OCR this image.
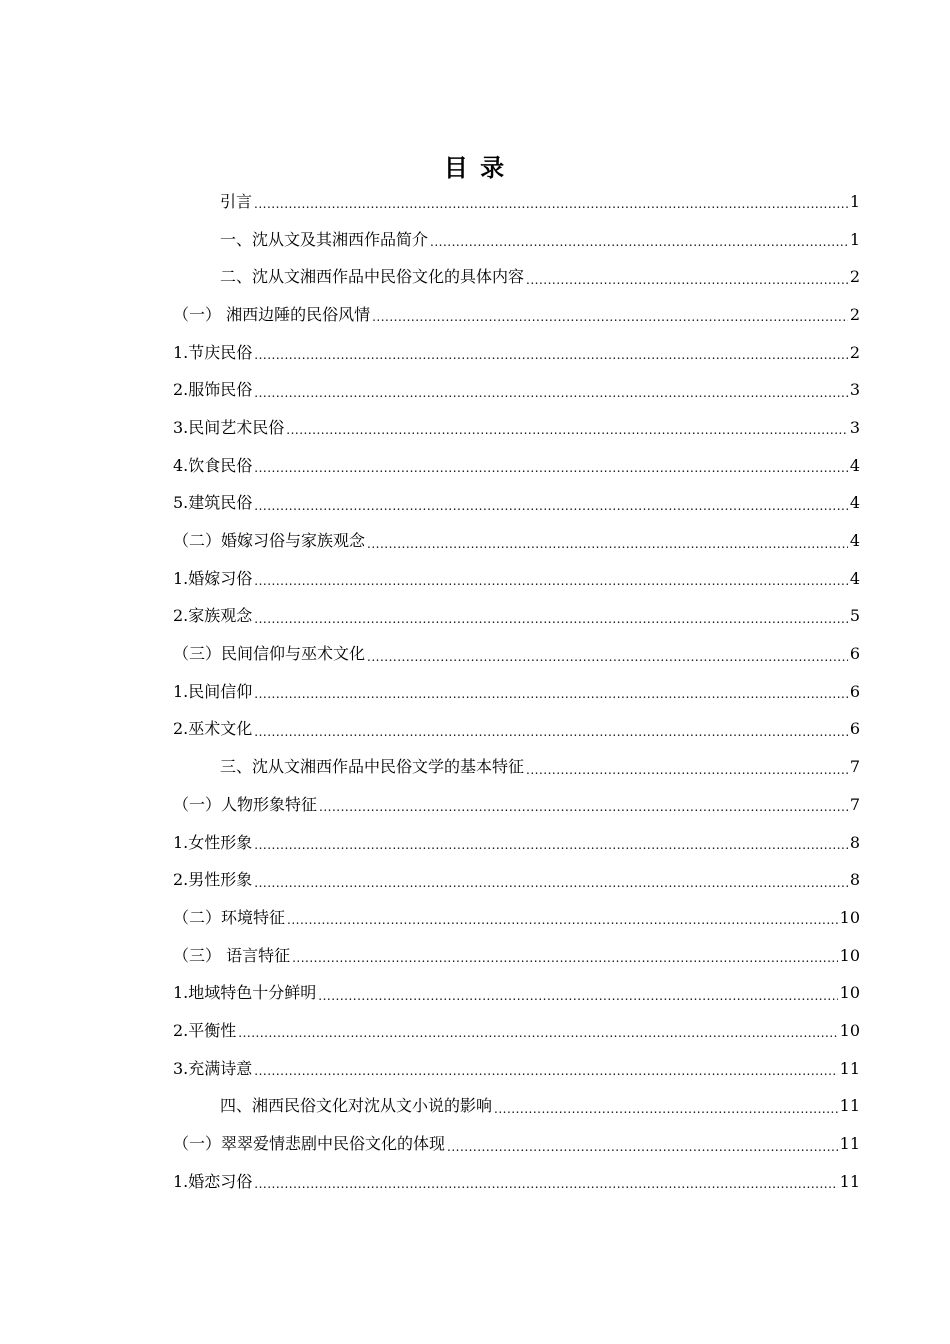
目 录
引言 .....	1
一、沈从文及其湘西作品简介 .....	1
二、沈从文湘西作品中民俗文化的具体内容 .....	2
（一） 湘西边陲的民俗风情 .....	2
1.节庆民俗 .....	2
2.服饰民俗 .....	3
3.民间艺术民俗 .....	3
4.饮食民俗 .....	4
5.建筑民俗 .....	4
（二）婚嫁习俗与家族观念 .....	4
1.婚嫁习俗 .....	4
2.家族观念 .....	5
（三）民间信仰与巫术文化 .....	6
1.民间信仰 .....	6
2.巫术文化 .....	6
三、沈从文湘西作品中民俗文学的基本特征 .....	7
（一）人物形象特征 .....	7
1.女性形象 .....	8
2.男性形象 .....	8
（二）环境特征 .....	10
（三） 语言特征 .....	10
1.地域特色十分鲜明 .....	10
2.平衡性 .....	10
3.充满诗意 .....	11
四、湘西民俗文化对沈从文小说的影响 .....	11
（一）翠翠爱情悲剧中民俗文化的体现 .....	11
1.婚恋习俗 .....	11
